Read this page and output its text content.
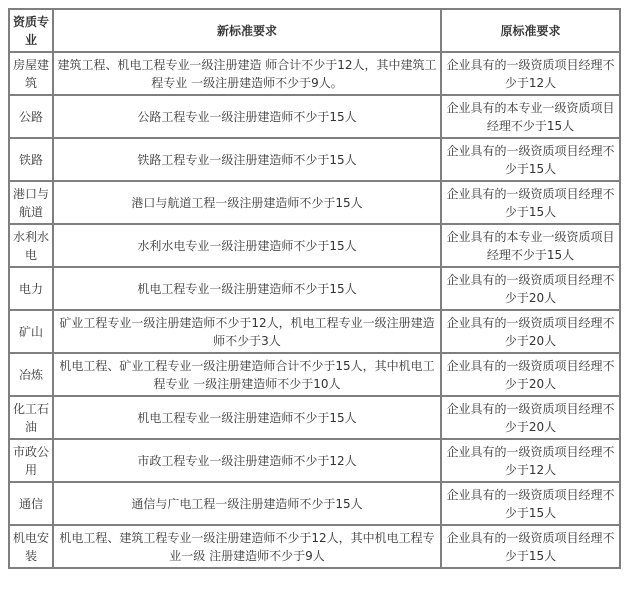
资质专业	新标准要求	原标准要求
房屋建筑	建筑工程、机电工程专业一级注册建造 师合计不少于12人，其中建筑工程专业 一级注册建造师不少于9人。	企业具有的一级资质项目经理不少于12人
公路	公路工程专业一级注册建造师不少于15人	企业具有的本专业一级资质项目经理不少于15人
铁路	铁路工程专业一级注册建造师不少于15人	企业具有的一级资质项目经理不少于15人
港口与航道	港口与航道工程一级注册建造师不少于15人	企业具有的一级资质项目经理不少于15人
水利水电	水利水电专业一级注册建造师不少于15人	企业具有的本专业一级资质项目经理不少于15人
电力	机电工程专业一级注册建造师不少于15人	企业具有的一级资质项目经理不少于20人
矿山	矿业工程专业一级注册建造师不少于12人，机电工程专业一级注册建造师不少于3人	企业具有的一级资质项目经理不少于20人
冶炼	机电工程、矿业工程专业一级注册建造师合计不少于15人，其中机电工程专业 一级注册建造师不少于10人	企业具有的一级资质项目经理不少于20人
化工石油	机电工程专业一级注册建造师不少于15人	企业具有的一级资质项目经理不少于20人
市政公用	市政工程专业一级注册建造师不少于12人	企业具有的一级资质项目经理不少于12人
通信	通信与广电工程一级注册建造师不少于15人	企业具有的一级资质项目经理不少于15人
机电安装	机电工程、建筑工程专业一级注册建造师不少于12人，其中机电工程专业一级 注册建造师不少于9人	企业具有的一级资质项目经理不少于15人
